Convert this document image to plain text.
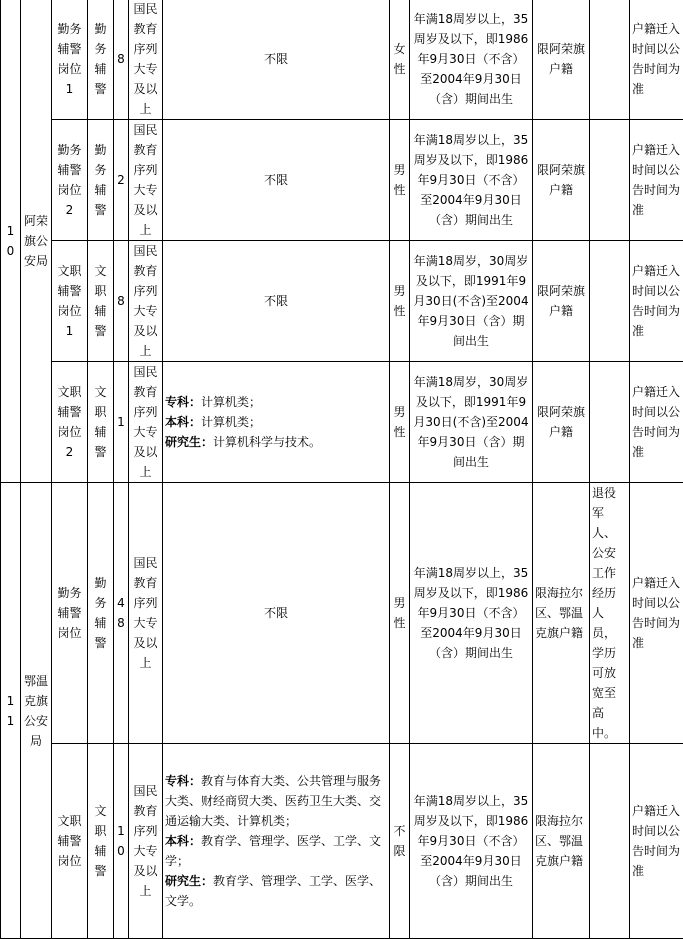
10	阿荣旗公安局	勤务辅警岗位1	勤务辅警	8	国民教育序列大专及以上	不限	女性	年满18周岁以上，35周岁及以下，即1986年9月30日（不含）至2004年9月30日（含）期间出生	限阿荣旗户籍		户籍迁入时间以公告时间为准
		勤务辅警岗位2	勤务辅警	2	国民教育序列大专及以上	不限	男性	年满18周岁以上，35周岁及以下，即1986年9月30日（不含）至2004年9月30日（含）期间出生	限阿荣旗户籍		户籍迁入时间以公告时间为准
		文职辅警岗位1	文职辅警	8	国民教育序列大专及以上	不限	男性	年满18周岁，30周岁及以下，即1991年9月30日(不含)至2004年9月30日（含）期间出生	限阿荣旗户籍		户籍迁入时间以公告时间为准
		文职辅警岗位2	文职辅警	1	国民教育序列大专及以上	专科：计算机类；
本科：计算机类；
研究生：计算机科学与技术。	男性	年满18周岁，30周岁及以下，即1991年9月30日(不含)至2004年9月30日（含）期间出生	限阿荣旗户籍		户籍迁入时间以公告时间为准
11	鄂温克旗公安局	勤务辅警岗位	勤务辅警	48	国民教育序列大专及以上	不限	男性	年满18周岁以上，35周岁及以下，即1986年9月30日（不含）至2004年9月30日（含）期间出生	限海拉尔区、鄂温克旗户籍	退役军人、公安工作经历人员，学历可放宽至高中。	户籍迁入时间以公告时间为准
		文职辅警岗位	文职辅警	10	国民教育序列大专及以上	专科：教育与体育大类、公共管理与服务大类、财经商贸大类、医药卫生大类、交通运输大类、计算机类；
本科：教育学、管理学、医学、工学、文学；
研究生：教育学、管理学、工学、医学、文学。	不限	年满18周岁以上，35周岁及以下，即1986年9月30日（不含）至2004年9月30日（含）期间出生	限海拉尔区、鄂温克旗户籍		户籍迁入时间以公告时间为准
